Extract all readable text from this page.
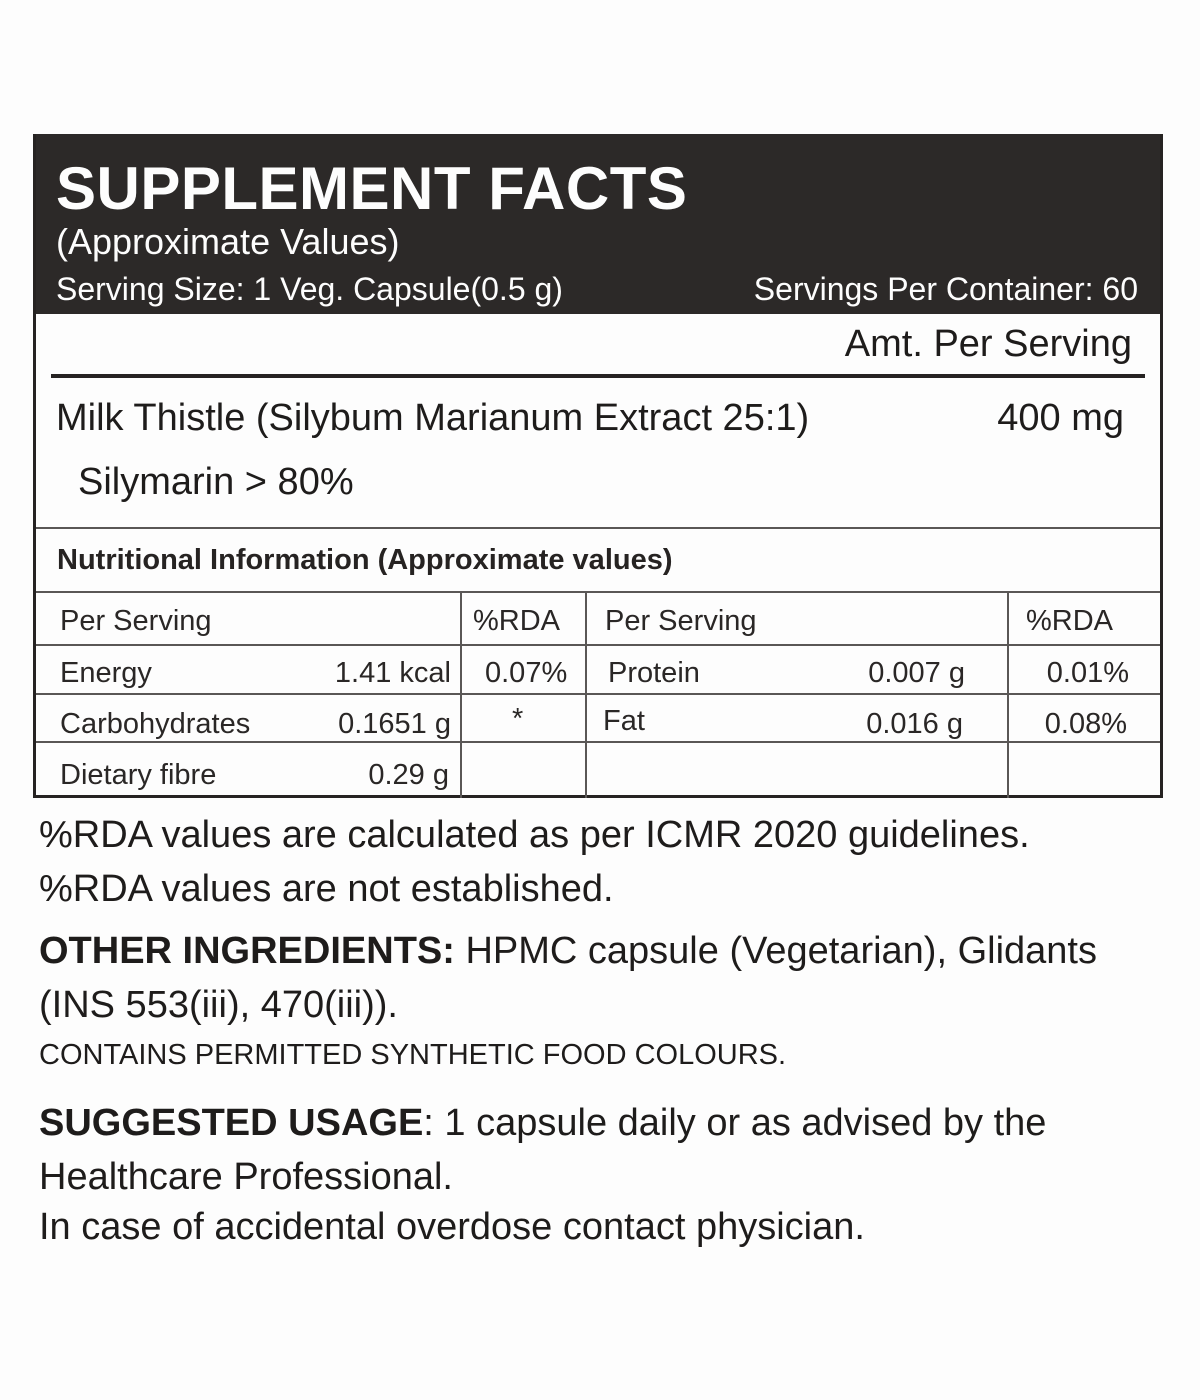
SUPPLEMENT FACTS
(Approximate Values)
Serving Size: 1 Veg. Capsule(0.5 g)	Servings Per Container: 60
Amt. Per Serving
Milk Thistle (Silybum Marianum Extract 25:1)	400 mg
Silymarin > 80%
Nutritional Information (Approximate values)
Per Serving	%RDA Per Serving	%RDA
Energy	1.41 kcal 0.07% Protein	0.007 g	0.01%
Carbohydrates	0.1651 g *	Fat	0.016 g	0.08%
Dietary fibre	0.29 g
%RDA values are calculated as per ICMR 2020 guidelines.
%RDA values are not established.
OTHER INGREDIENTS: HPMC capsule (Vegetarian), Glidants (INS 553(iii), 470(iii)).
CONTAINS PERMITTED SYNTHETIC FOOD COLOURS.
SUGGESTED USAGE: 1 capsule daily or as advised by the Healthcare Professional.
In case of accidental overdose contact physician.
